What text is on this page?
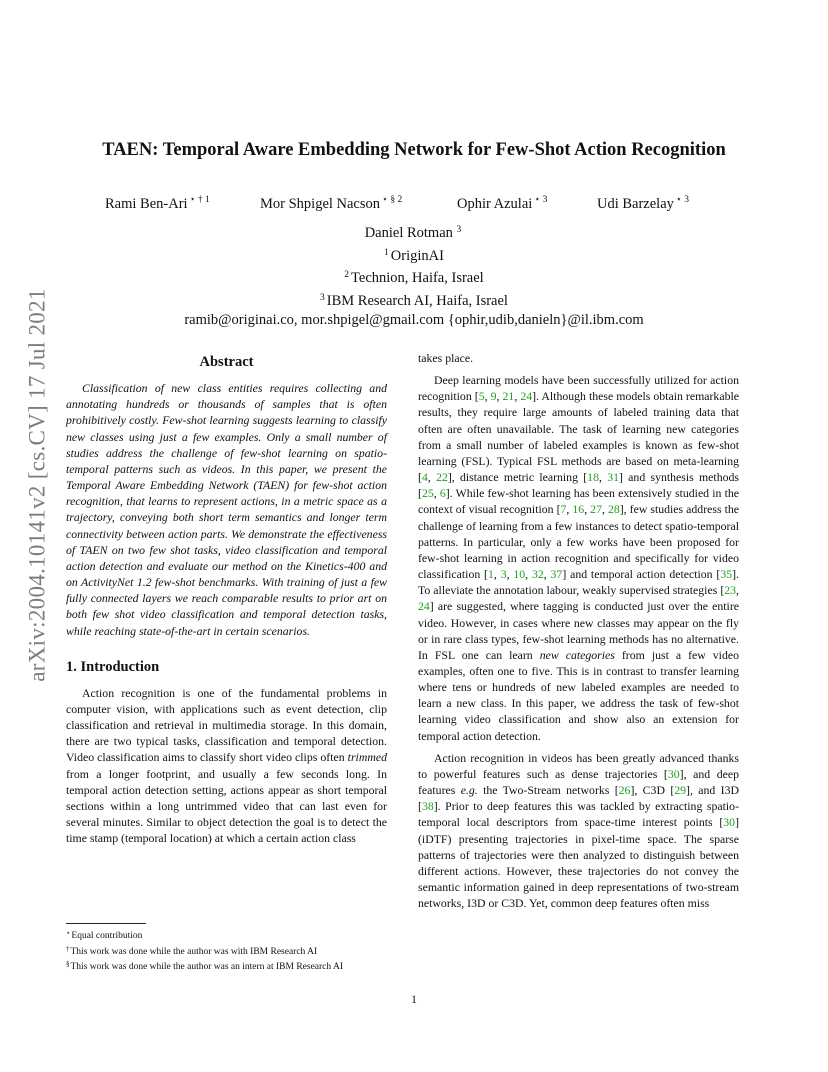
arXiv:2004.10141v2 [cs.CV] 17 Jul 2021
TAEN: Temporal Aware Embedding Network for Few-Shot Action Recognition
Rami Ben-Ari $^{⋆ \dagger 1}$	Mor Shpigel Nacson $^{⋆ \S 2}$	Ophir Azulai $^{⋆ 3}$	Udi Barzelay $^{⋆ 3}$
Daniel Rotman $^3$
$^1$ OriginAI
$^2$ Technion, Haifa, Israel
$^3$ IBM Research AI, Haifa, Israel
ramib@originai.co, mor.shpigel@gmail.com {ophir,udib,danieln}@il.ibm.com
Abstract

Classification of new class entities requires collecting and annotating hundreds or thousands of samples that is often prohibitively costly. Few-shot learning suggests learning to classify new classes using just a few examples. Only a small number of studies address the challenge of few-shot learning on spatio-temporal patterns such as videos. In this paper, we present the Temporal Aware Embedding Network (TAEN) for few-shot action recognition, that learns to represent actions, in a metric space as a trajectory, conveying both short term semantics and longer term connectivity between action parts. We demonstrate the effectiveness of TAEN on two few shot tasks, video classification and temporal action detection and evaluate our method on the Kinetics-400 and on ActivityNet 1.2 few-shot benchmarks. With training of just a few fully connected layers we reach comparable results to prior art on both few shot video classification and temporal detection tasks, while reaching state-of-the-art in certain scenarios.

1. Introduction

Action recognition is one of the fundamental problems in computer vision, with applications such as event detection, clip classification and retrieval in multimedia storage. In this domain, there are two typical tasks, classification and temporal detection. Video classification aims to classify short video clips often trimmed from a longer footprint, and usually a few seconds long. In temporal action detection setting, actions appear as short temporal sections within a long untrimmed video that can last even for several minutes. Similar to object detection the goal is to detect the time stamp (temporal location) at which a certain action class

takes place.

Deep learning models have been successfully utilized for action recognition [5, 9, 21, 24]. Although these models obtain remarkable results, they require large amounts of labeled training data that often are often unavailable. The task of learning new categories from a small number of labeled examples is known as few-shot learning (FSL). Typical FSL methods are based on meta-learning [4, 22], distance metric learning [18, 31] and synthesis methods [25, 6]. While few-shot learning has been extensively studied in the context of visual recognition [7, 16, 27, 28], few studies address the challenge of learning from a few instances to detect spatio-temporal patterns. In particular, only a few works have been proposed for few-shot learning in action recognition and specifically for video classification [1, 3, 10, 32, 37] and temporal action detection [35]. To alleviate the annotation labour, weakly supervised strategies [23, 24] are suggested, where tagging is conducted just over the entire video. However, in cases where new classes may appear on the fly or in rare class types, few-shot learning methods has no alternative. In FSL one can learn new categories from just a few video examples, often one to five. This is in contrast to transfer learning where tens or hundreds of new labeled examples are needed to learn a new class. In this paper, we address the task of few-shot learning video classification and show also an extension for temporal action detection.

Action recognition in videos has been greatly advanced thanks to powerful features such as dense trajectories [30], and deep features e.g. the Two-Stream networks [26], C3D [29], and I3D [38]. Prior to deep features this was tackled by extracting spatio-temporal local descriptors from space-time interest points [30] (iDTF) presenting trajectories in pixel-time space. The sparse patterns of trajectories were then analyzed to distinguish between different actions. However, these trajectories do not convey the semantic information gained in deep representations of two-stream networks, I3D or C3D. Yet, common deep features often miss

⋆Equal contribution
†This work was done while the author was with IBM Research AI
§This work was done while the author was an intern at IBM Research AI
1
